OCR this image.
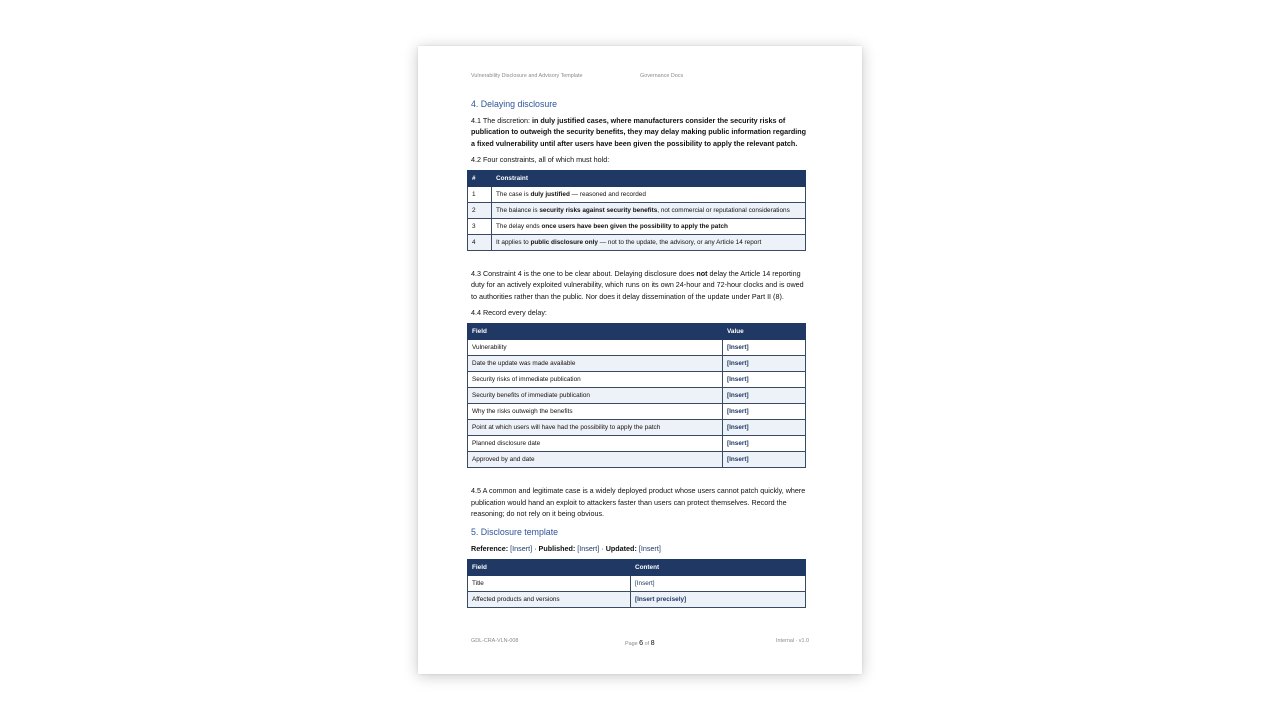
Vulnerability Disclosure and Advisory Template	Governance Docs
4. Delaying disclosure

4.1 The discretion: in duly justified cases, where manufacturers consider the security risks of publication to outweigh the security benefits, they may delay making public information regarding a fixed vulnerability until after users have been given the possibility to apply the relevant patch.

4.2 Four constraints, all of which must hold:

#	Constraint
1	The case is duly justified — reasoned and recorded
2	The balance is security risks against security benefits, not commercial or reputational considerations
3	The delay ends once users have been given the possibility to apply the patch
4	It applies to public disclosure only — not to the update, the advisory, or any Article 14 report

4.3 Constraint 4 is the one to be clear about. Delaying disclosure does not delay the Article 14 reporting duty for an actively exploited vulnerability, which runs on its own 24-hour and 72-hour clocks and is owed to authorities rather than the public. Nor does it delay dissemination of the update under Part II (8).

4.4 Record every delay:

Field	Value
Vulnerability	[Insert]
Date the update was made available	[Insert]
Security risks of immediate publication	[Insert]
Security benefits of immediate publication	[Insert]
Why the risks outweigh the benefits	[Insert]
Point at which users will have had the possibility to apply the patch	[Insert]
Planned disclosure date	[Insert]
Approved by and date	[Insert]

4.5 A common and legitimate case is a widely deployed product whose users cannot patch quickly, where publication would hand an exploit to attackers faster than users can protect themselves. Record the reasoning; do not rely on it being obvious.

5. Disclosure template
Reference: [Insert] · Published: [Insert] · Updated: [Insert]
Field	Content
Title	[Insert]
Affected products and versions	[Insert precisely]
GDL-CRA-VLN-008	Page 6 of 8	Internal · v1.0
